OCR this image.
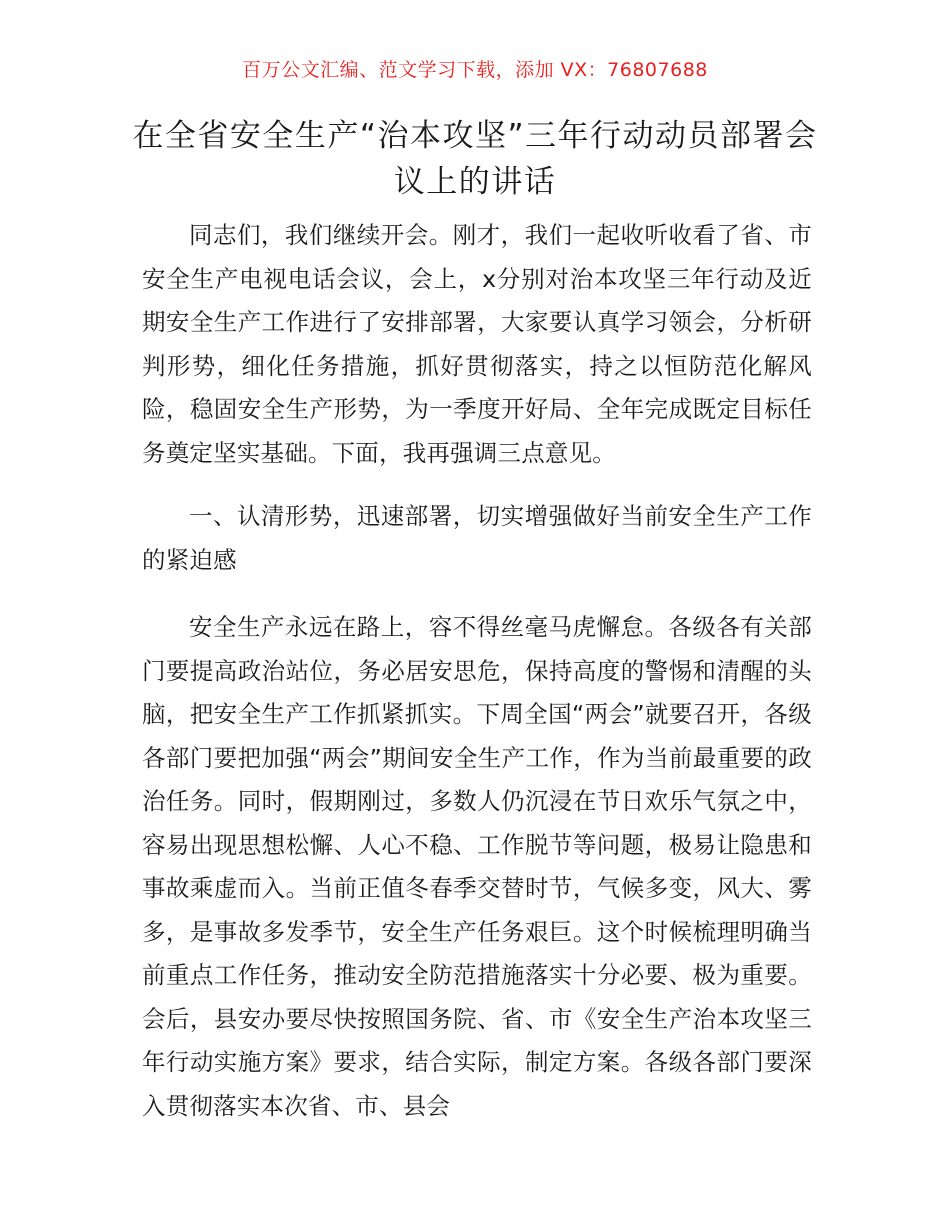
百万公文汇编、范文学习下载，添加 VX：76807688
在全省安全生产“治本攻坚”三年行动动员部署会议上的讲话

同志们，我们继续开会。刚才，我们一起收听收看了省、市安全生产电视电话会议，会上，x分别对治本攻坚三年行动及近期安全生产工作进行了安排部署，大家要认真学习领会，分析研判形势，细化任务措施，抓好贯彻落实，持之以恒防范化解风险，稳固安全生产形势，为一季度开好局、全年完成既定目标任务奠定坚实基础。下面，我再强调三点意见。

一、认清形势，迅速部署，切实增强做好当前安全生产工作的紧迫感

安全生产永远在路上，容不得丝毫马虎懈怠。各级各有关部门要提高政治站位，务必居安思危，保持高度的警惕和清醒的头脑，把安全生产工作抓紧抓实。下周全国“两会”就要召开，各级各部门要把加强“两会”期间安全生产工作，作为当前最重要的政治任务。同时，假期刚过，多数人仍沉浸在节日欢乐气氛之中，容易出现思想松懈、人心不稳、工作脱节等问题，极易让隐患和事故乘虚而入。当前正值冬春季交替时节，气候多变，风大、雾多，是事故多发季节，安全生产任务艰巨。这个时候梳理明确当前重点工作任务，推动安全防范措施落实十分必要、极为重要。会后，县安办要尽快按照国务院、省、市《安全生产治本攻坚三年行动实施方案》要求，结合实际，制定方案。各级各部门要深入贯彻落实本次省、市、县会
